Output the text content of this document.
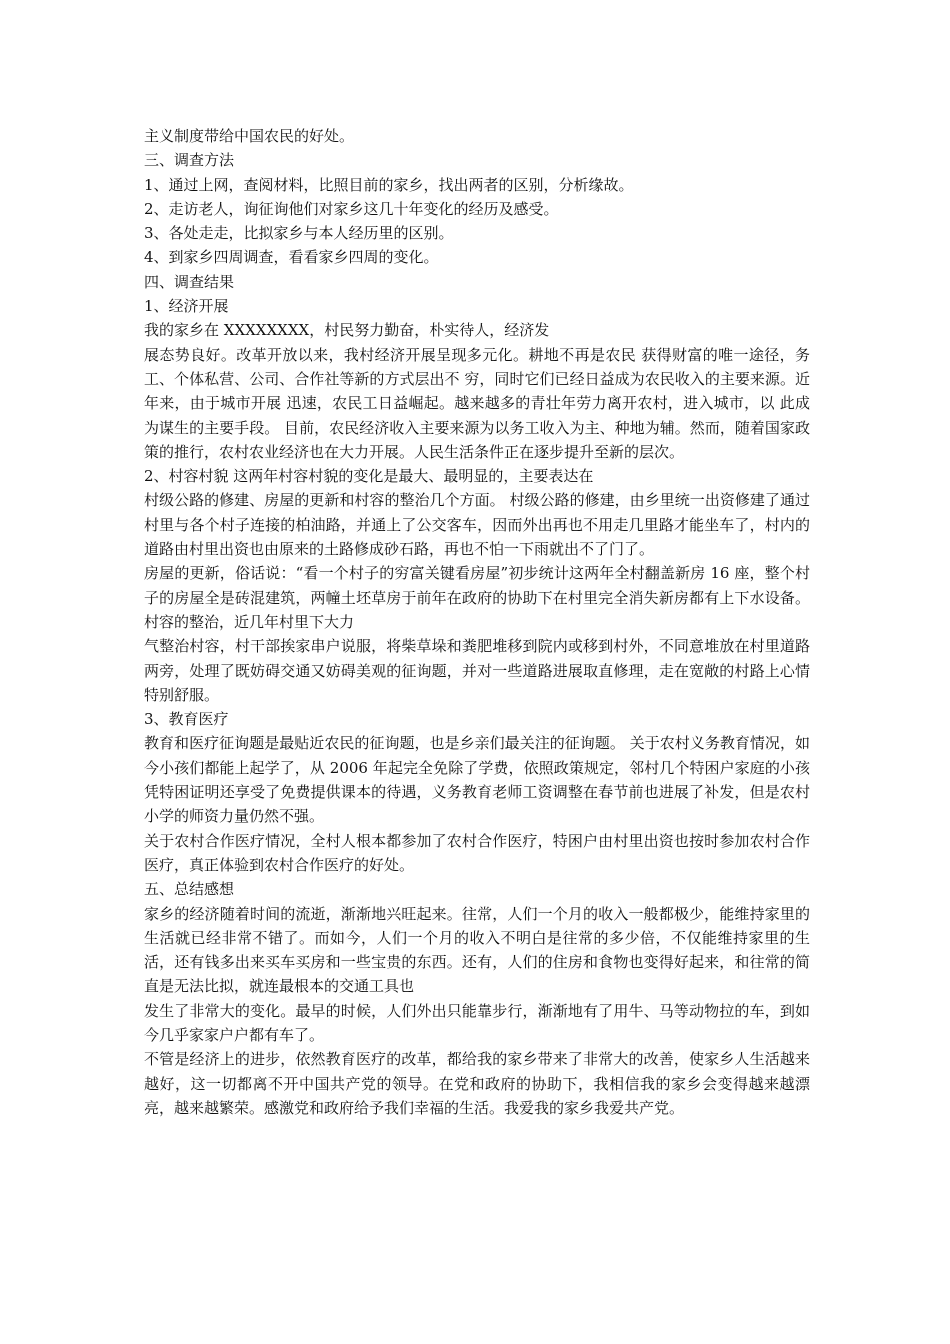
主义制度带给中国农民的好处。

三、调查方法

1、通过上网，查阅材料，比照目前的家乡，找出两者的区别，分析缘故。

2、走访老人，询征询他们对家乡这几十年变化的经历及感受。

3、各处走走，比拟家乡与本人经历里的区别。

4、到家乡四周调查，看看家乡四周的变化。

四、调查结果

1、经济开展

我的家乡在 XXXXXXXX，村民努力勤奋，朴实待人，经济发

展态势良好。改革开放以来，我村经济开展呈现多元化。耕地不再是农民 获得财富的唯一途径，务工、个体私营、公司、合作社等新的方式层出不 穷，同时它们已经日益成为农民收入的主要来源。近年来，由于城市开展 迅速，农民工日益崛起。越来越多的青壮年劳力离开农村，进入城市，以 此成为谋生的主要手段。 目前，农民经济收入主要来源为以务工收入为主、种地为辅。然而，随着国家政策的推行，农村农业经济也在大力开展。人民生活条件正在逐步提升至新的层次。

2、村容村貌 这两年村容村貌的变化是最大、最明显的，主要表达在

村级公路的修建、房屋的更新和村容的整治几个方面。 村级公路的修建，由乡里统一出资修建了通过村里与各个村子连接的柏油路，并通上了公交客车，因而外出再也不用走几里路才能坐车了，村内的道路由村里出资也由原来的土路修成砂石路，再也不怕一下雨就出不了门了。

房屋的更新，俗话说：“看一个村子的穷富关键看房屋”初步统计这两年全村翻盖新房 16 座，整个村子的房屋全是砖混建筑，两幢土坯草房于前年在政府的协助下在村里完全消失新房都有上下水设备。村容的整治，近几年村里下大力

气整治村容，村干部挨家串户说服，将柴草垛和粪肥堆移到院内或移到村外，不同意堆放在村里道路两旁，处理了既妨碍交通又妨碍美观的征询题，并对一些道路进展取直修理，走在宽敞的村路上心情特别舒服。

3、教育医疗

教育和医疗征询题是最贴近农民的征询题，也是乡亲们最关注的征询题。 关于农村义务教育情况，如今小孩们都能上起学了，从 2006 年起完全免除了学费，依照政策规定，邻村几个特困户家庭的小孩凭特困证明还享受了免费提供课本的待遇，义务教育老师工资调整在春节前也进展了补发，但是农村小学的师资力量仍然不强。

关于农村合作医疗情况，全村人根本都参加了农村合作医疗，特困户由村里出资也按时参加农村合作医疗，真正体验到农村合作医疗的好处。

五、总结感想

家乡的经济随着时间的流逝，渐渐地兴旺起来。往常，人们一个月的收入一般都极少，能维持家里的生活就已经非常不错了。而如今，人们一个月的收入不明白是往常的多少倍，不仅能维持家里的生活，还有钱多出来买车买房和一些宝贵的东西。还有，人们的住房和食物也变得好起来，和往常的简直是无法比拟，就连最根本的交通工具也

发生了非常大的变化。最早的时候，人们外出只能靠步行，渐渐地有了用牛、马等动物拉的车，到如今几乎家家户户都有车了。

不管是经济上的进步，依然教育医疗的改革，都给我的家乡带来了非常大的改善，使家乡人生活越来越好，这一切都离不开中国共产党的领导。在党和政府的协助下，我相信我的家乡会变得越来越漂亮，越来越繁荣。感激党和政府给予我们幸福的生活。我爱我的家乡我爱共产党。
